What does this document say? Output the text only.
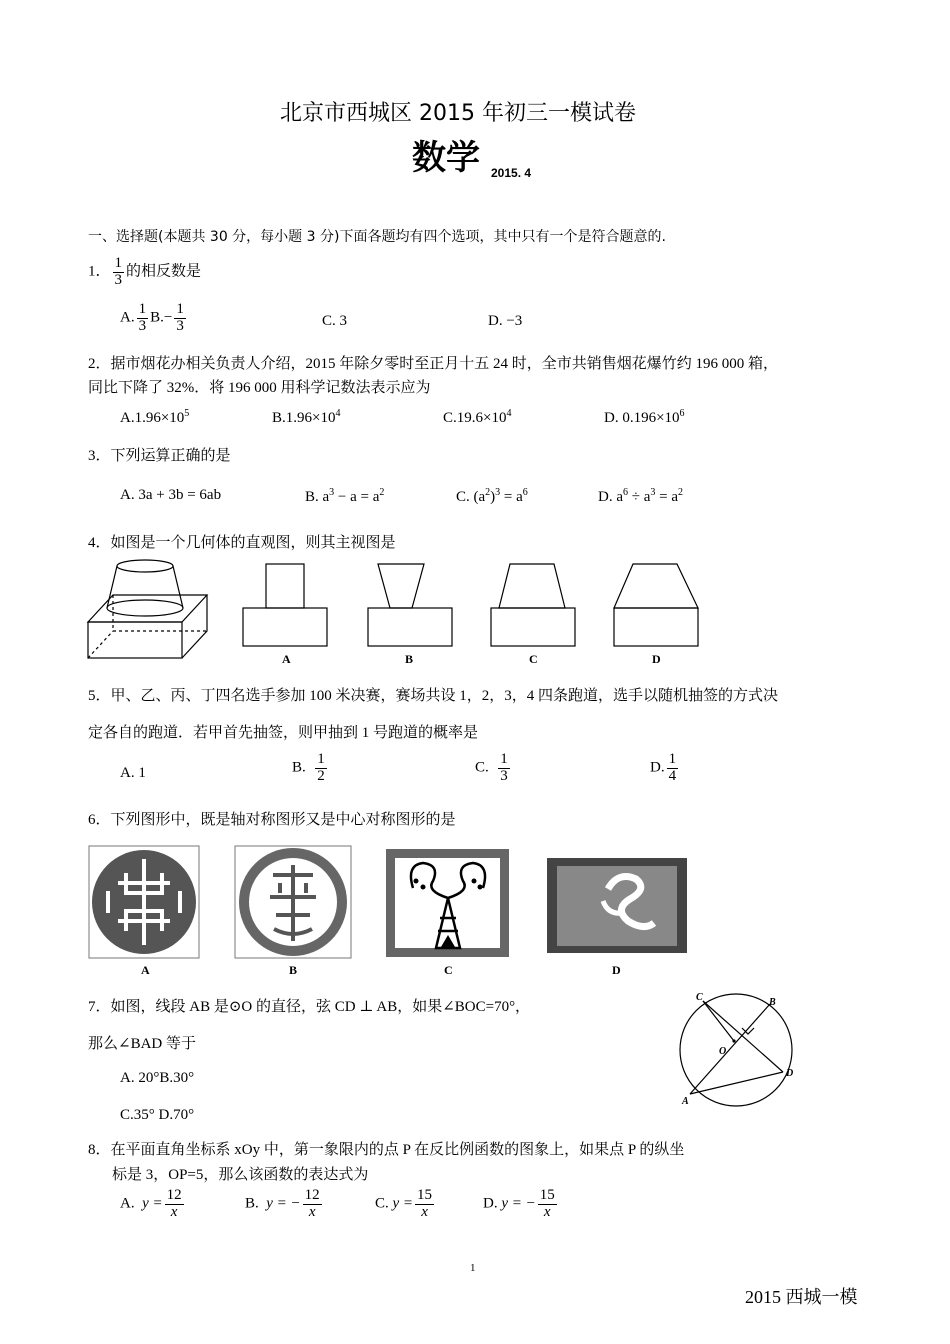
北京市西城区 2015 年初三一模试卷
数学 2015. 4
一、选择题(本题共 30 分，每小题 3 分)下面各题均有四个选项，其中只有一个是符合题意的.
1． $\frac{1}{3}$ 的相反数是
A. $\frac{1}{3} B.- \frac{1}{3}$	C. 3	D. −3
2．据市烟花办相关负责人介绍，2015 年除夕零时至正月十五 24 时，全市共销售烟花爆竹约 196 000 箱，
同比下降了 32%．将 196 000 用科学记数法表示应为
$A.1.96\times 10^5$	$B.1.96\times 10^4$	$C.19.6\times 10^4$	D. $0.196\times 10^6$
3．下列运算正确的是
A. 3a + 3b = 6ab	B. $a^3 - a = a^2$	C. $(a^2)^3 = a^6$	D. $a^6 \div a^3 = a^2$
4．如图是一个几何体的直观图，则其主视图是
A	B	C	D
5．甲、乙、丙、丁四名选手参加 100 米决赛，赛场共设 1，2，3，4 四条跑道，选手以随机抽签的方式决
定各自的跑道．若甲首先抽签，则甲抽到 1 号跑道的概率是
A. 1	B. $\frac{1}{2}$	C. $\frac{1}{3}$	D. $\frac{1}{4}$
6．下列图形中，既是轴对称图形又是中心对称图形的是
A	B	C	D
7．如图，线段 AB 是⊙O 的直径，弦 CD ⊥ AB，如果∠BOC=70°，
那么∠BAD 等于
A. 20°B.30°
C.35° D.70°
C	B
O
D
A
8．在平面直角坐标系 xOy 中，第一象限内的点 P 在反比例函数的图象上，如果点 P 的纵坐
标是 3，OP=5，那么该函数的表达式为
A. $y = \frac{12}{x}$	B. y = − $\frac{12}{x}$	C. $y = \frac{15}{x}$	D. y = − $\frac{15}{x}$
1
2015 西城一模
